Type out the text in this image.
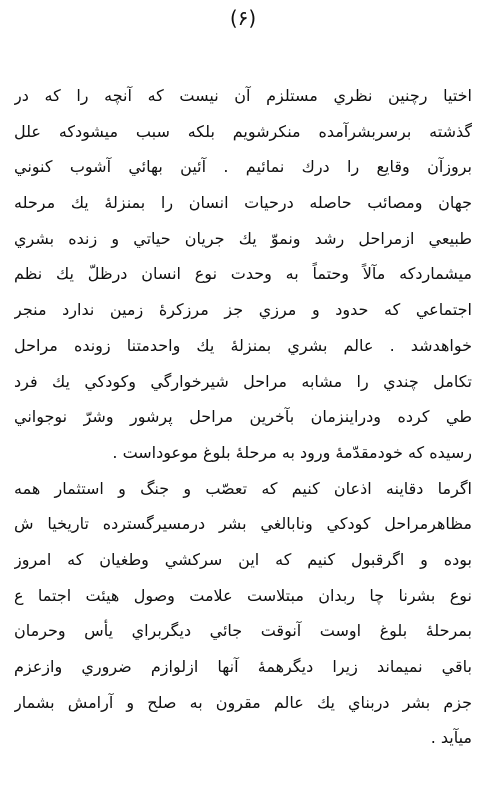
(۶)
اختيا رچنين نظري مستلزم آن نيست كه آنچه را كه در
گذشته برسربشرآمده منكرشويم بلكه سبب ميشودكه علل
بروزآن وقايع را درك نمائيم . آئين بهائي آشوب كنوني
جهان ومصائب حاصله درحيات انسان را بمنزلهٔ يك مرحله
طبيعي ازمراحل رشد ونموّ يك جريان حياتي و زنده بشري
ميشماردكه مآلاً وحتماً به وحدت نوع انسان درظلّ يك نظم
اجتماعي كه حدود و مرزي جز مرزكرهٔ زمين ندارد منجر
خواهدشد . عالم بشري بمنزلهٔ يك واحدمتنا زونده مراحل
تكامل چندي را مشابه مراحل شيرخوارگي وكودكي يك فرد
طي كرده ودراينزمان بآخرين مراحل پرشور وشرّ نوجواني
رسيده كه خودمقدّمهٔ ورود به مرحلهٔ بلوغ موعوداست .
اگرما دقاينه اذعان كنيم كه تعصّب و جنگ و استثمار همه
مظاهرمراحل كودكي ونابالغي بشر درمسيرگسترده تاريخيا ش
بوده و اگرقبول كنيم كه اين سركشي وطغيان كه امروز
نوع بشرنا چا ربدان مبتلاست علامت وصول هيئت اجتما ع
بمرحلهٔ بلوغ اوست آنوقت جائي ديگربراي يأس وحرمان
باقي نميماند زيرا ديگرهمهٔ آنها ازلوازم ضروري وازعزم
جزم بشر دربناي يك عالم مقرون به صلح و آرامش بشمار
ميآيد .
